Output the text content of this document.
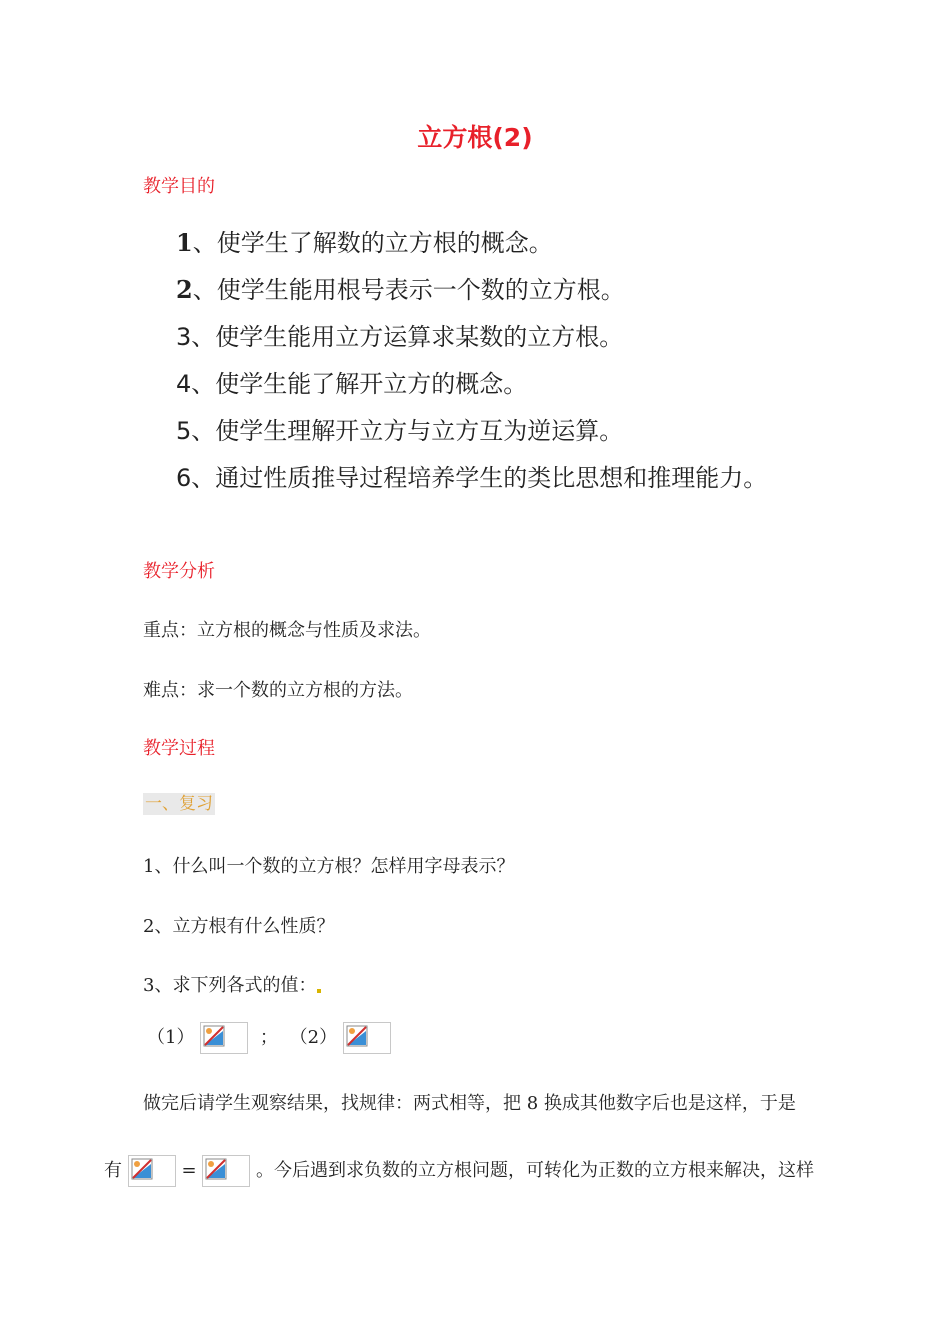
立方根(2)
教学目的
1、使学生了解数的立方根的概念。
2、使学生能用根号表示一个数的立方根。
3、使学生能用立方运算求某数的立方根。
4、使学生能了解开立方的概念。
5、使学生理解开立方与立方互为逆运算。
6、通过性质推导过程培养学生的类比思想和推理能力。
教学分析
重点：立方根的概念与性质及求法。
难点：求一个数的立方根的方法。
教学过程
一、复习
1、什么叫一个数的立方根？怎样用字母表示？
2、立方根有什么性质？
3、求下列各式的值：
（1）	； （2）
做完后请学生观察结果，找规律：两式相等，把 8 换成其他数字后也是这样，于是
有	=	。今后遇到求负数的立方根问题，可转化为正数的立方根来解决，这样
